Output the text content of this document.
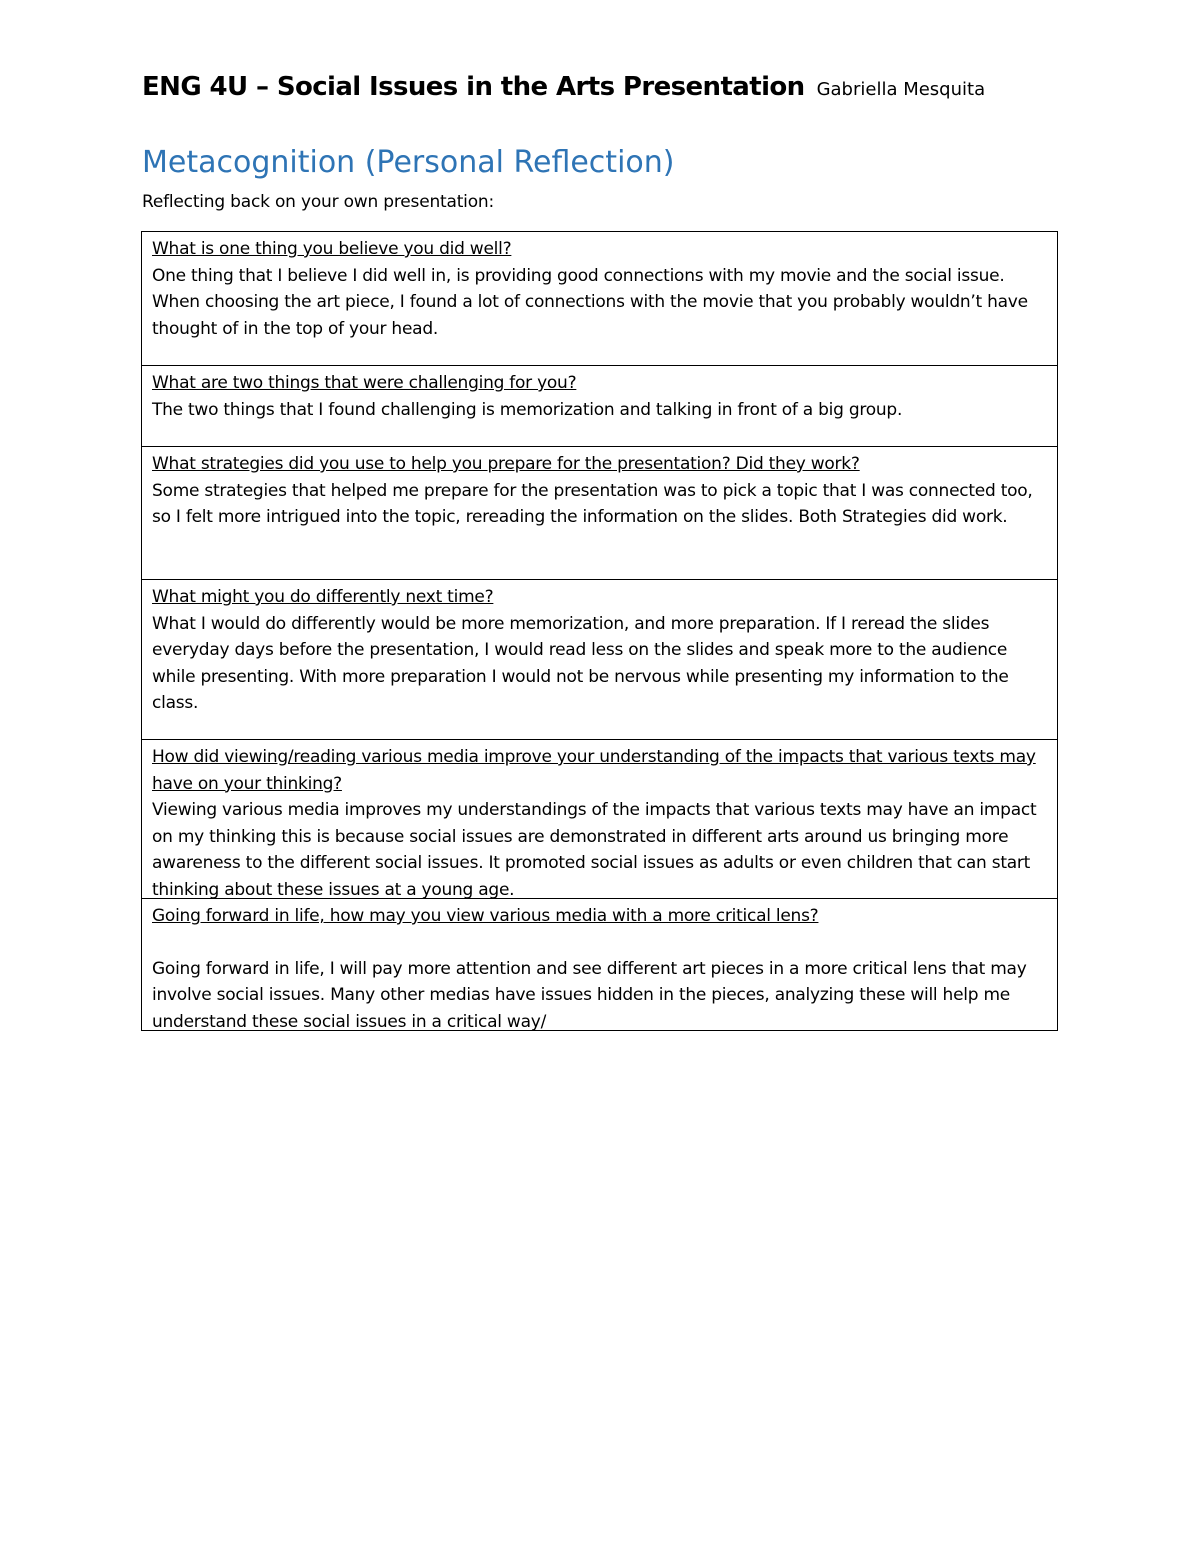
ENG 4U – Social Issues in the Arts Presentation Gabriella Mesquita
Metacognition (Personal Reflection)
Reflecting back on your own presentation:
What is one thing you believe you did well?
One thing that I believe I did well in, is providing good connections with my movie and the social issue. When choosing the art piece, I found a lot of connections with the movie that you probably wouldn’t have thought of in the top of your head.
What are two things that were challenging for you?
The two things that I found challenging is memorization and talking in front of a big group.
What strategies did you use to help you prepare for the presentation? Did they work?
Some strategies that helped me prepare for the presentation was to pick a topic that I was connected too, so I felt more intrigued into the topic, rereading the information on the slides. Both Strategies did work.
What might you do differently next time?
What I would do differently would be more memorization, and more preparation. If I reread the slides everyday days before the presentation, I would read less on the slides and speak more to the audience while presenting. With more preparation I would not be nervous while presenting my information to the class.
How did viewing/reading various media improve your understanding of the impacts that various texts may have on your thinking?
Viewing various media improves my understandings of the impacts that various texts may have an impact on my thinking this is because social issues are demonstrated in different arts around us bringing more awareness to the different social issues. It promoted social issues as adults or even children that can start thinking about these issues at a young age.
Going forward in life, how may you view various media with a more critical lens?
Going forward in life, I will pay more attention and see different art pieces in a more critical lens that may involve social issues. Many other medias have issues hidden in the pieces, analyzing these will help me understand these social issues in a critical way/
